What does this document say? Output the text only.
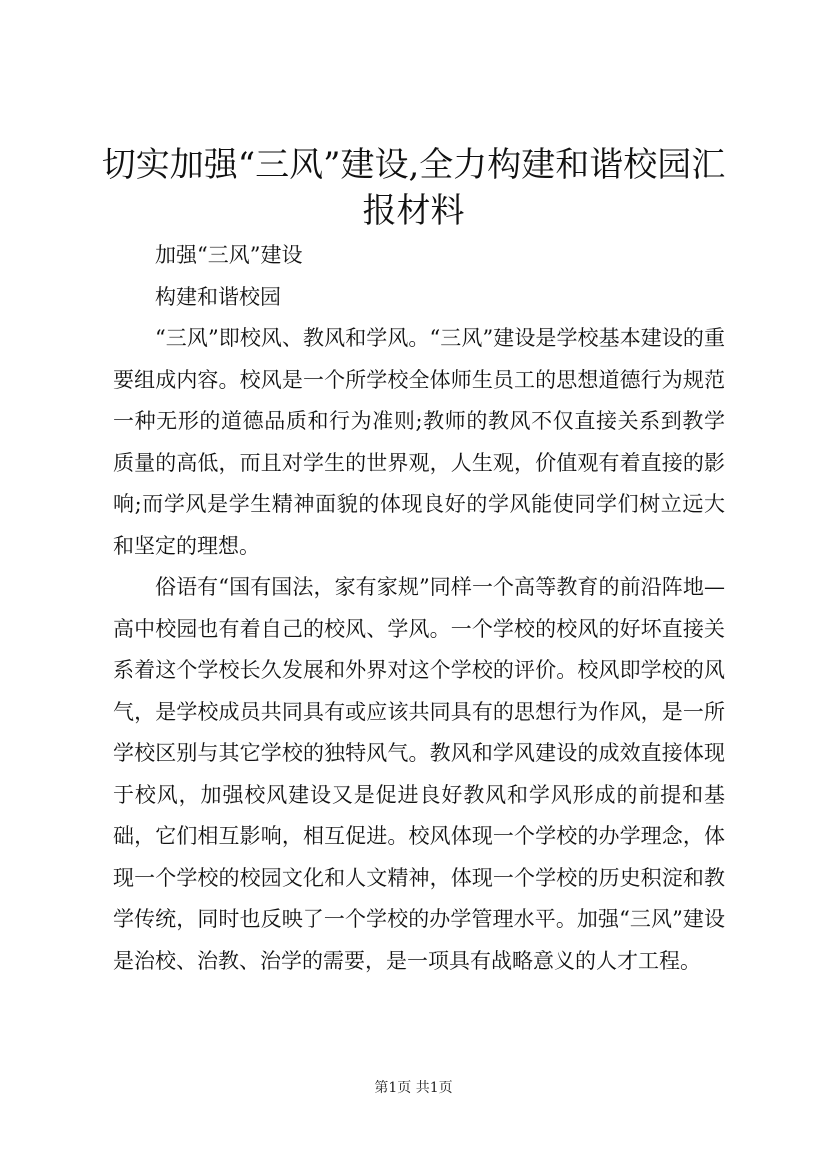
切实加强“三风”建设,全力构建和谐校园汇报材料

加强“三风”建设

构建和谐校园

“三风”即校风、教风和学风。“三风”建设是学校基本建设的重要组成内容。校风是一个所学校全体师生员工的思想道德行为规范一种无形的道德品质和行为准则;教师的教风不仅直接关系到教学质量的高低，而且对学生的世界观，人生观，价值观有着直接的影响;而学风是学生精神面貌的体现良好的学风能使同学们树立远大和坚定的理想。

俗语有“国有国法，家有家规”同样一个高等教育的前沿阵地—高中校园也有着自己的校风、学风。一个学校的校风的好坏直接关系着这个学校长久发展和外界对这个学校的评价。校风即学校的风气，是学校成员共同具有或应该共同具有的思想行为作风，是一所学校区别与其它学校的独特风气。教风和学风建设的成效直接体现于校风，加强校风建设又是促进良好教风和学风形成的前提和基础，它们相互影响，相互促进。校风体现一个学校的办学理念，体现一个学校的校园文化和人文精神，体现一个学校的历史积淀和教学传统，同时也反映了一个学校的办学管理水平。加强“三风”建设是治校、治教、治学的需要，是一项具有战略意义的人才工程。

第1页 共1页
